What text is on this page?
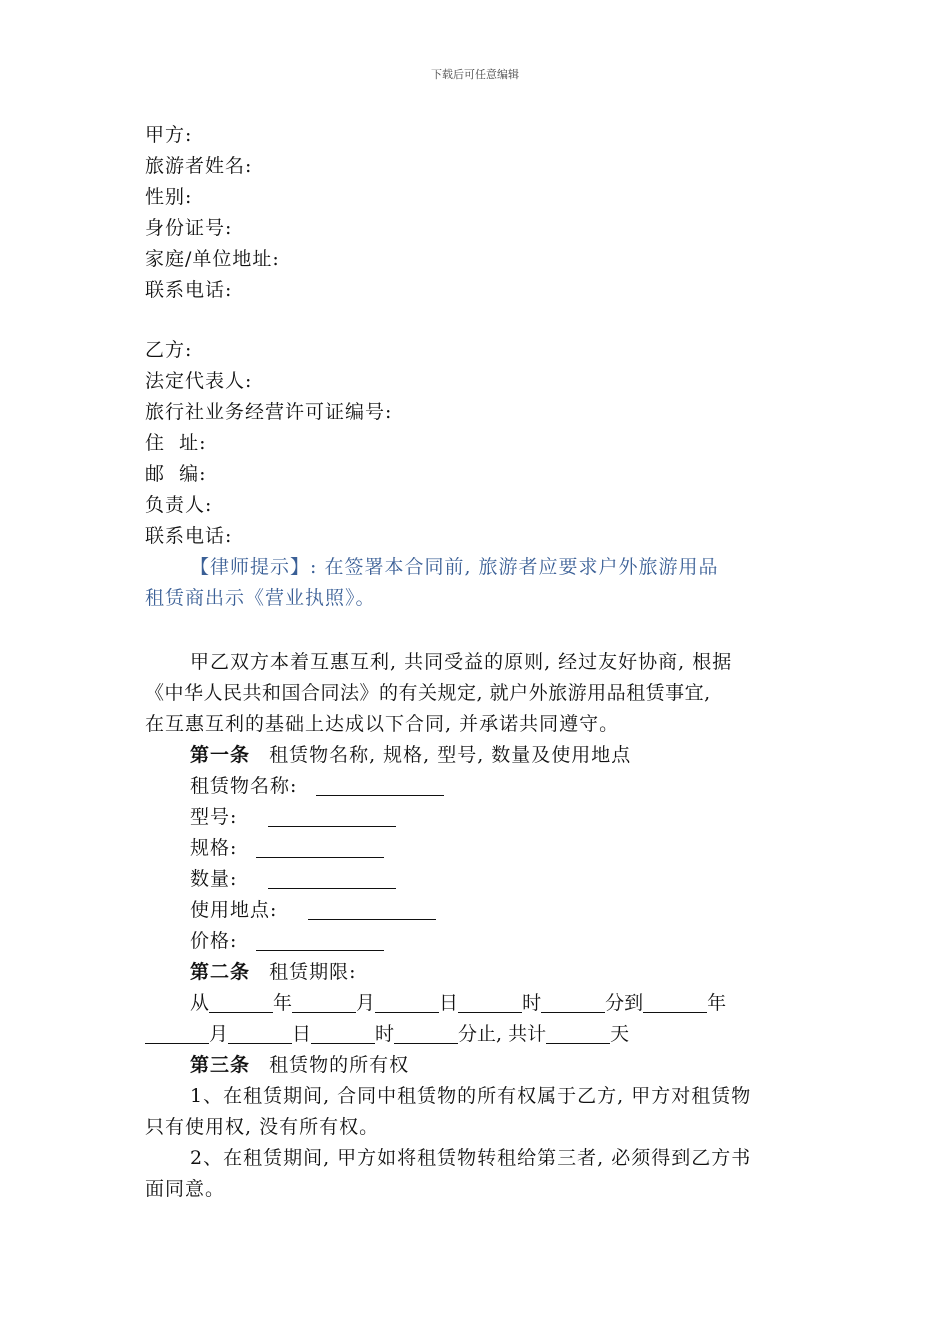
下载后可任意编辑
甲方:
旅游者姓名:
性别:
身份证号:
家庭/单位地址:
联系电话:
乙方:
法定代表人:
旅行社业务经营许可证编号:
住  址:
邮  编:
负责人:
联系电话:
【律师提示】: 在签署本合同前, 旅游者应要求户外旅游用品
租赁商出示《营业执照》。
甲乙双方本着互惠互利, 共同受益的原则, 经过友好协商, 根据
《中华人民共和国合同法》的有关规定, 就户外旅游用品租赁事宜,
在互惠互利的基础上达成以下合同, 并承诺共同遵守。
第一条 租赁物名称, 规格, 型号, 数量及使用地点
租赁物名称:
型号:
规格:
数量:
使用地点:
价格:
第二条 租赁期限:
从	年	月	日	时	分到	年
月	日	时	分止, 共计	天
第三条 租赁物的所有权
1、在租赁期间, 合同中租赁物的所有权属于乙方, 甲方对租赁物
只有使用权, 没有所有权。
2、在租赁期间, 甲方如将租赁物转租给第三者, 必须得到乙方书
面同意。
